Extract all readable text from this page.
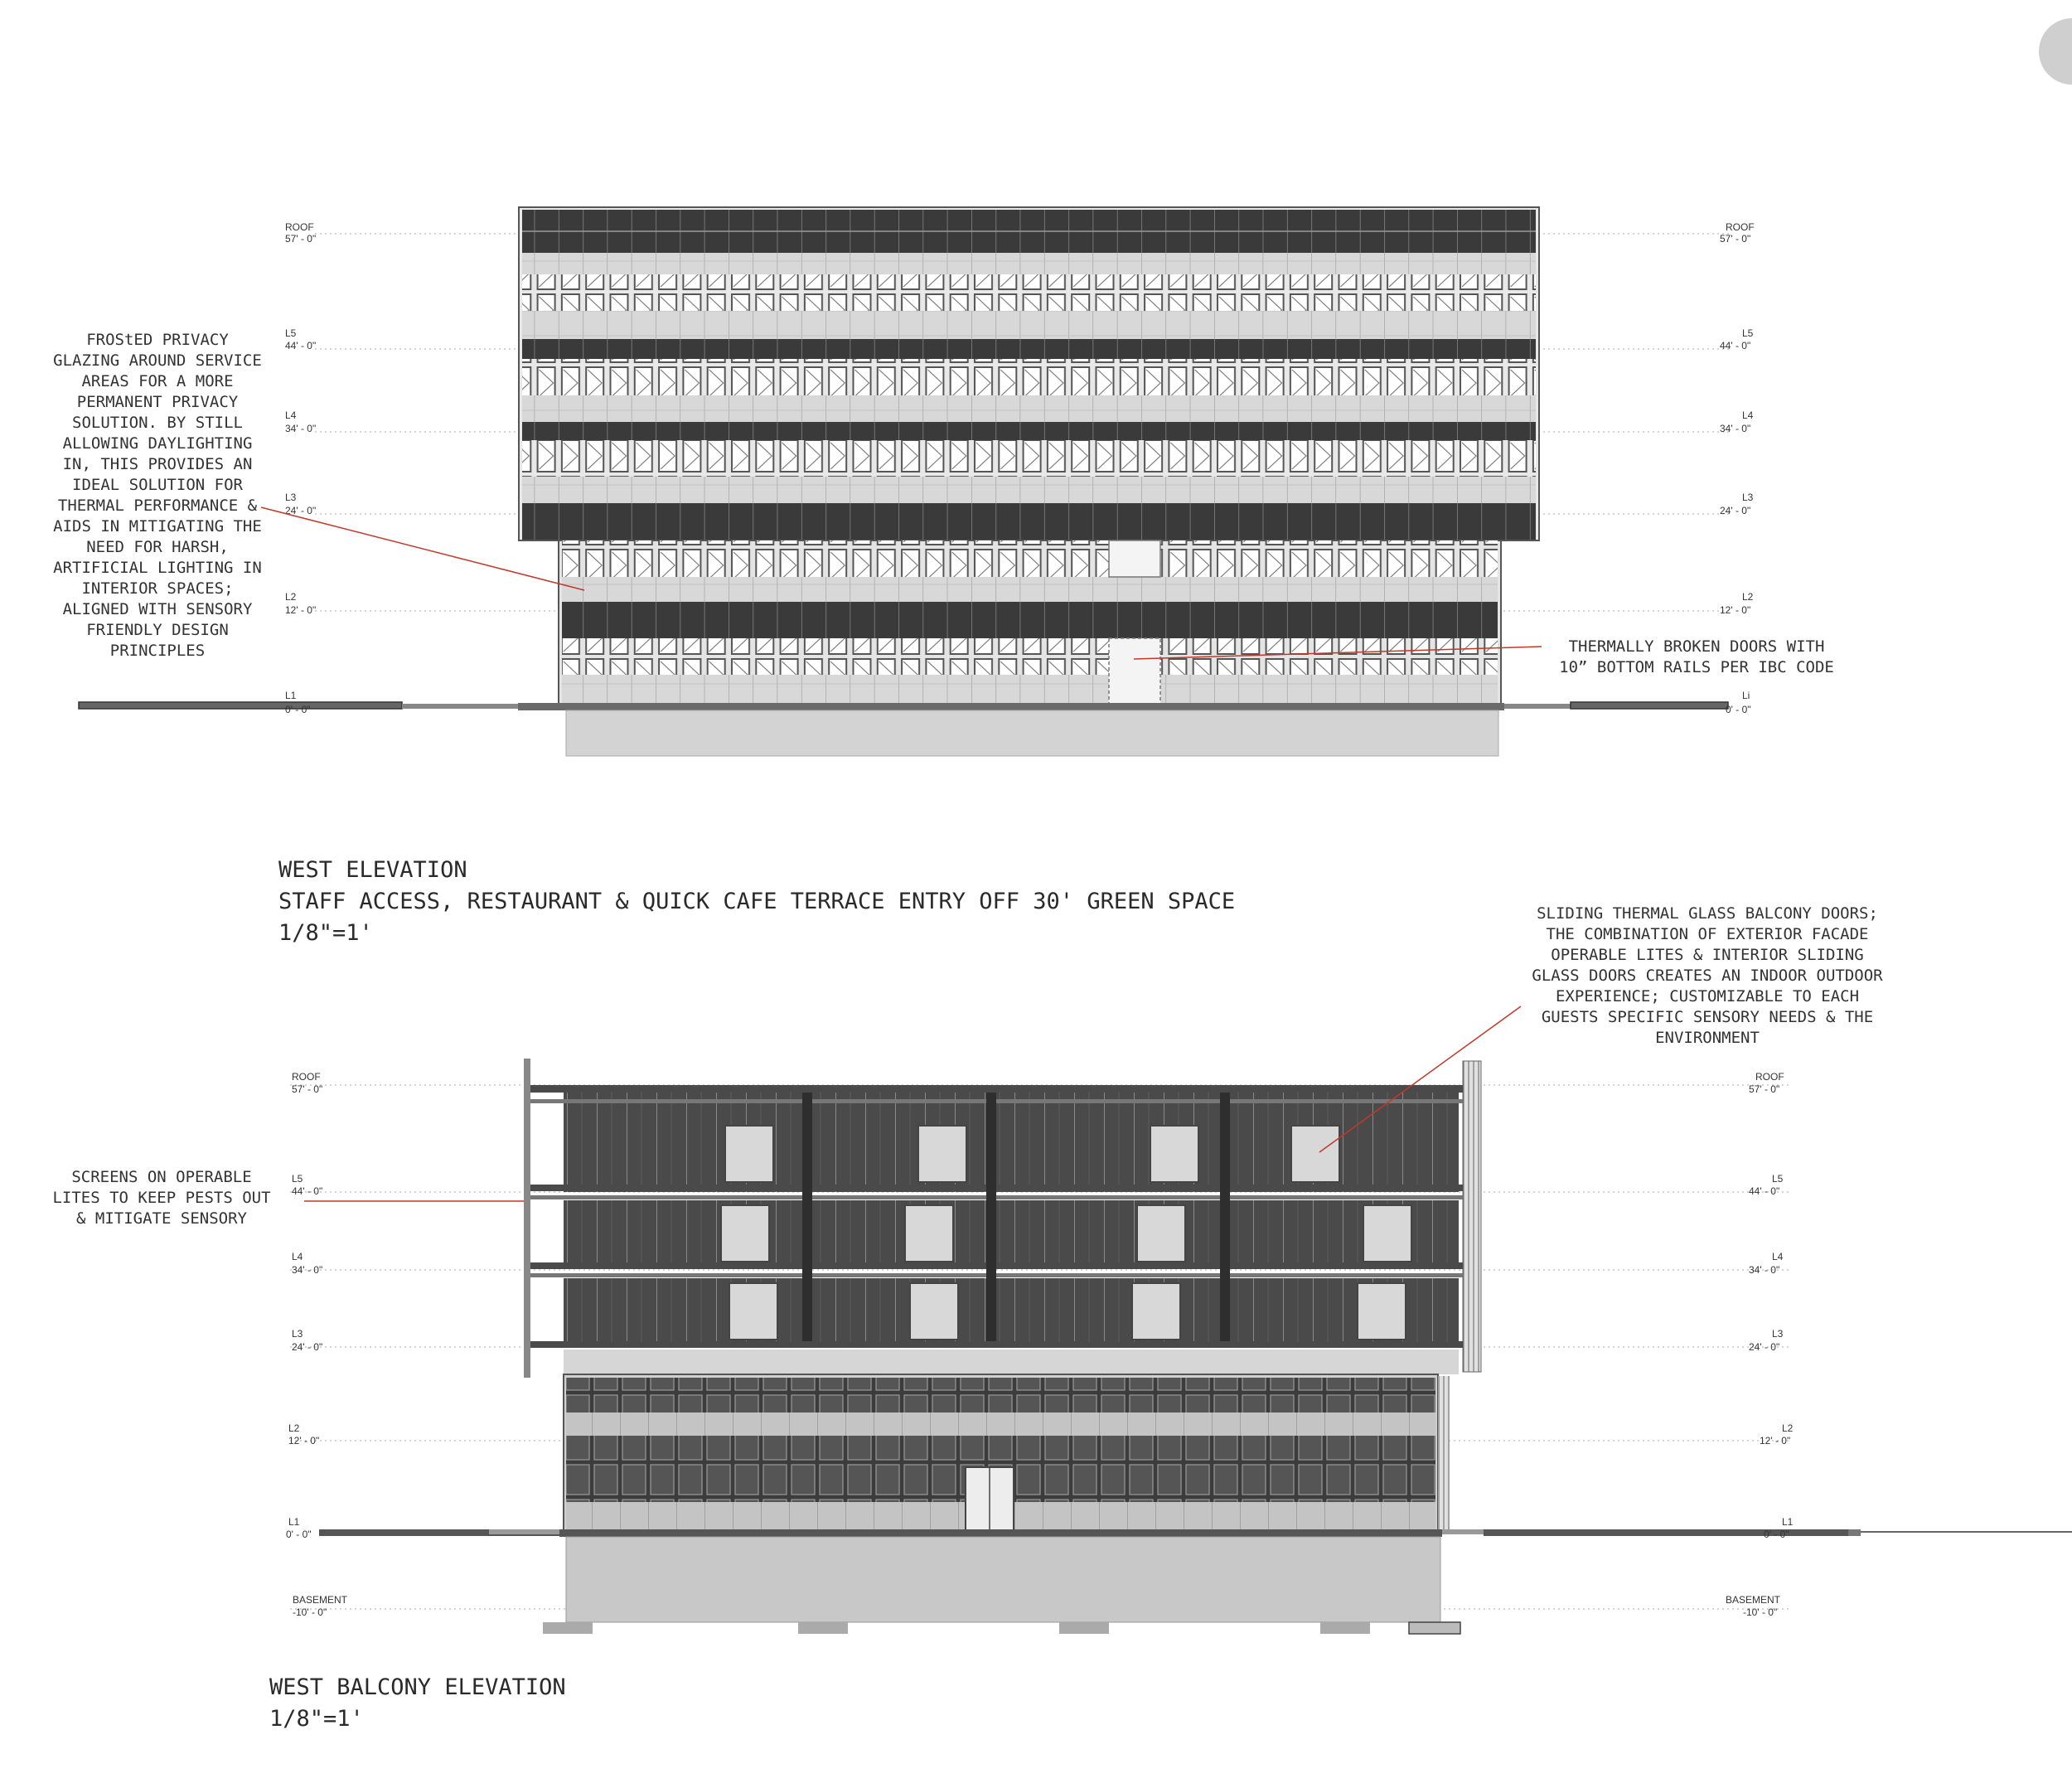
ROOF
57' - 0"
L5
44' - 0"
L4
34' - 0"
L3
24' - 0"
L2
12' - 0"
L1
0' - 0"
ROOF
57' - 0"
L5
44' - 0"
L4
34' - 0"
L3
24' - 0"
L2
12' - 0"
Li
0' - 0"
ROOF
57' - 0"
L5
44' - 0"
L4
34' - 0"
L3
24' - 0"
L2
12' - 0"
L1
0' - 0"
BASEMENT
-10' - 0"
ROOF
57' - 0"
L5
44' - 0"
L4
34' - 0"
L3
24' - 0"
L2
12' - 0"
L1
0' - 0"
BASEMENT
-10' - 0"
FROStED PRIVACY
GLAZING AROUND SERVICE
AREAS FOR A MORE
PERMANENT PRIVACY
SOLUTION. BY STILL
ALLOWING DAYLIGHTING
IN, THIS PROVIDES AN
IDEAL SOLUTION FOR
THERMAL PERFORMANCE &
AIDS IN MITIGATING THE
NEED FOR HARSH,
ARTIFICIAL LIGHTING IN
INTERIOR SPACES;
ALIGNED WITH SENSORY
FRIENDLY DESIGN
PRINCIPLES	THERMALLY BROKEN DOORS WITH
10” BOTTOM RAILS PER IBC CODE
SLIDING THERMAL GLASS BALCONY DOORS;
THE COMBINATION OF EXTERIOR FACADE
OPERABLE LITES & INTERIOR SLIDING
GLASS DOORS CREATES AN INDOOR OUTDOOR
EXPERIENCE; CUSTOMIZABLE TO EACH
GUESTS SPECIFIC SENSORY NEEDS & THE
ENVIRONMENT
SCREENS ON OPERABLE
LITES TO KEEP PESTS OUT
& MITIGATE SENSORY
WEST ELEVATION
STAFF ACCESS, RESTAURANT & QUICK CAFE TERRACE ENTRY OFF 30' GREEN SPACE
1/8"=1'
WEST BALCONY ELEVATION
1/8"=1'
